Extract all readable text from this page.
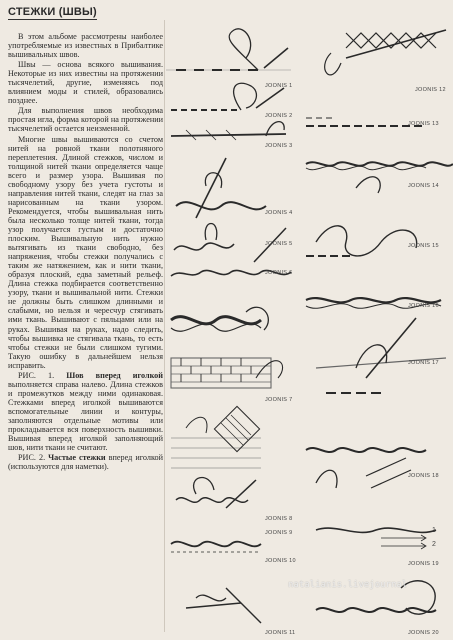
СТЕЖКИ (ШВЫ)

В этом альбоме рассмотрены наиболее употребляемые из известных в Прибалтике вышивальных швов.

Швы — основа всякого вышивания. Некоторые из них известны на протяжении тысячелетий, другие, изменяясь под влиянием моды и стилей, образовались позднее.

Для выполнения швов необходима простая игла, форма которой на протяжении тысячелетий остается неизменной.

Многие швы вышиваются со счетом нитей на ровной ткани полотняного переплетения. Длиной стежков, числом и толщиной нитей ткани определяется чаще всего и размер узора. Вышивая по свободному узору без учета густоты и направления нитей ткани, следят на глаз за нарисованным на ткани узором. Рекомендуется, чтобы вышивальная нить была несколько толще нитей ткани, тогда узор получается густым и достаточно плоским. Вышивальную нить нужно вытягивать из ткани свободно, без напряжения, чтобы стежки получались с таким же натяжением, как и нити ткани, образуя плоский, едва заметный рельеф. Длина стежка подбирается соответственно узору, ткани и вышивальной нити. Стежки не должны быть слишком длинными и слабыми, но нельзя и чересчур стягивать ими ткань. Вышивают с пяльцами или на руках. Вышивая на руках, надо следить, чтобы вышивка не стягивала ткань, то есть чтобы стежки не были слишком тугими. Такую ошибку в дальнейшем нельзя исправить.

РИС. 1. Шов вперед иголкой выполняется справа налево. Длина стежков и промежутков между ними одинаковая. Стежками вперед иголкой вышиваются вспомогательные линии и контуры, заполняются отдельные мотивы или прокладывается вся поверхность вышивки. Вышивая вперед иголкой заполняющий шов, нити ткани не считают.

РИС. 2. Частые стежки вперед иголкой (используются для наметки).

JOONIS 1
JOONIS 2
JOONIS 3
JOONIS 4
JOONIS 5
JOONIS 6
JOONIS 7
JOONIS 8
JOONIS 9
JOONIS 10
JOONIS 11
JOONIS 12
JOONIS 13
JOONIS 14
JOONIS 15
JOONIS 16
JOONIS 17
JOONIS 18
JOONIS 19
JOONIS 20
1
2
natalianis.livejournal
